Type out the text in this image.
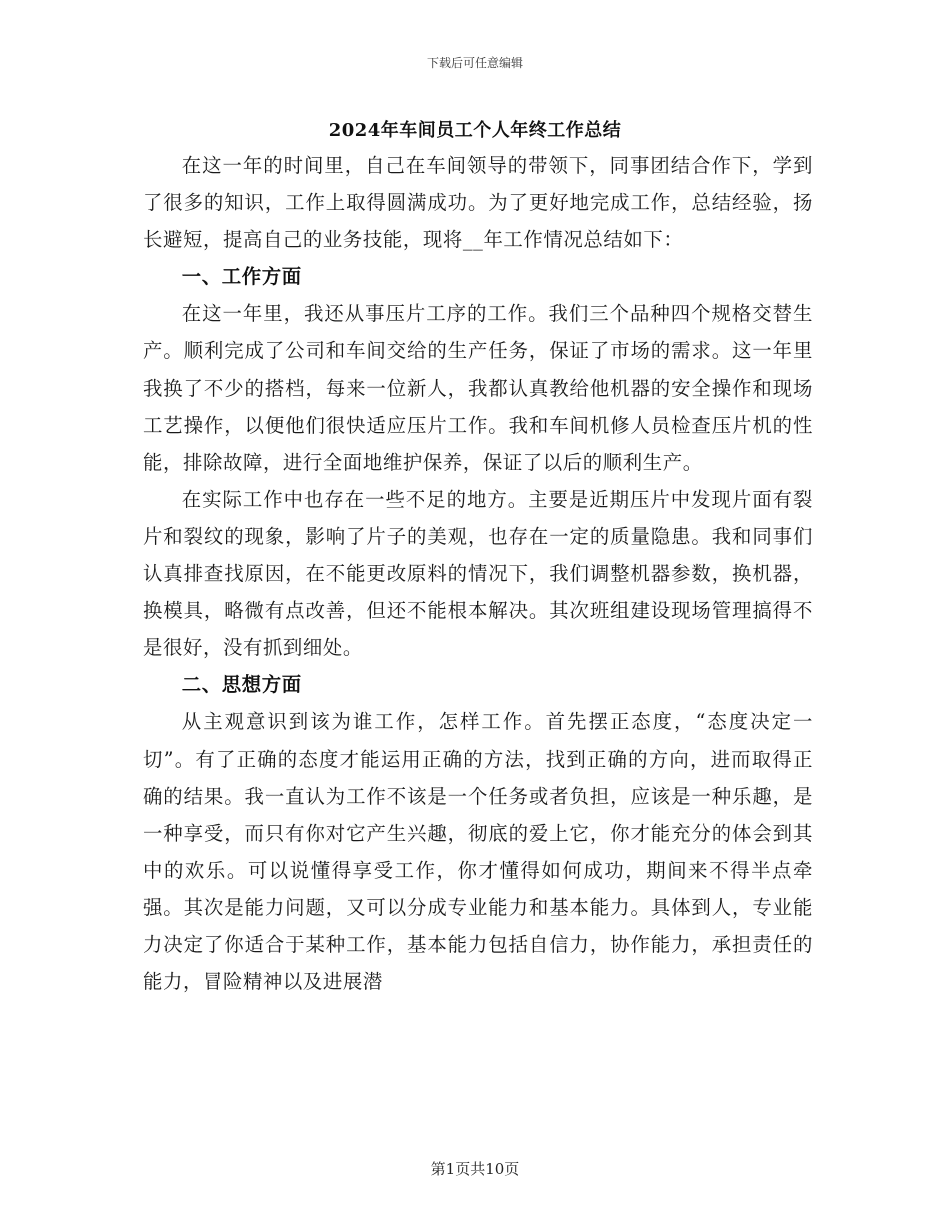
下载后可任意编辑
2024年车间员工个人年终工作总结

在这一年的时间里，自己在车间领导的带领下，同事团结合作下，学到了很多的知识，工作上取得圆满成功。为了更好地完成工作，总结经验，扬长避短，提高自己的业务技能，现将__年工作情况总结如下：

一、工作方面

在这一年里，我还从事压片工序的工作。我们三个品种四个规格交替生产。顺利完成了公司和车间交给的生产任务，保证了市场的需求。这一年里我换了不少的搭档，每来一位新人，我都认真教给他机器的安全操作和现场工艺操作，以便他们很快适应压片工作。我和车间机修人员检查压片机的性能，排除故障，进行全面地维护保养，保证了以后的顺利生产。

在实际工作中也存在一些不足的地方。主要是近期压片中发现片面有裂片和裂纹的现象，影响了片子的美观，也存在一定的质量隐患。我和同事们认真排查找原因，在不能更改原料的情况下，我们调整机器参数，换机器，换模具，略微有点改善，但还不能根本解决。其次班组建设现场管理搞得不是很好，没有抓到细处。

二、思想方面

从主观意识到该为谁工作，怎样工作。首先摆正态度，“态度决定一切”。有了正确的态度才能运用正确的方法，找到正确的方向，进而取得正确的结果。我一直认为工作不该是一个任务或者负担，应该是一种乐趣，是一种享受，而只有你对它产生兴趣，彻底的爱上它，你才能充分的体会到其中的欢乐。可以说懂得享受工作，你才懂得如何成功，期间来不得半点牵强。其次是能力问题，又可以分成专业能力和基本能力。具体到人，专业能力决定了你适合于某种工作，基本能力包括自信力，协作能力，承担责任的能力，冒险精神以及进展潜

第1页共10页
